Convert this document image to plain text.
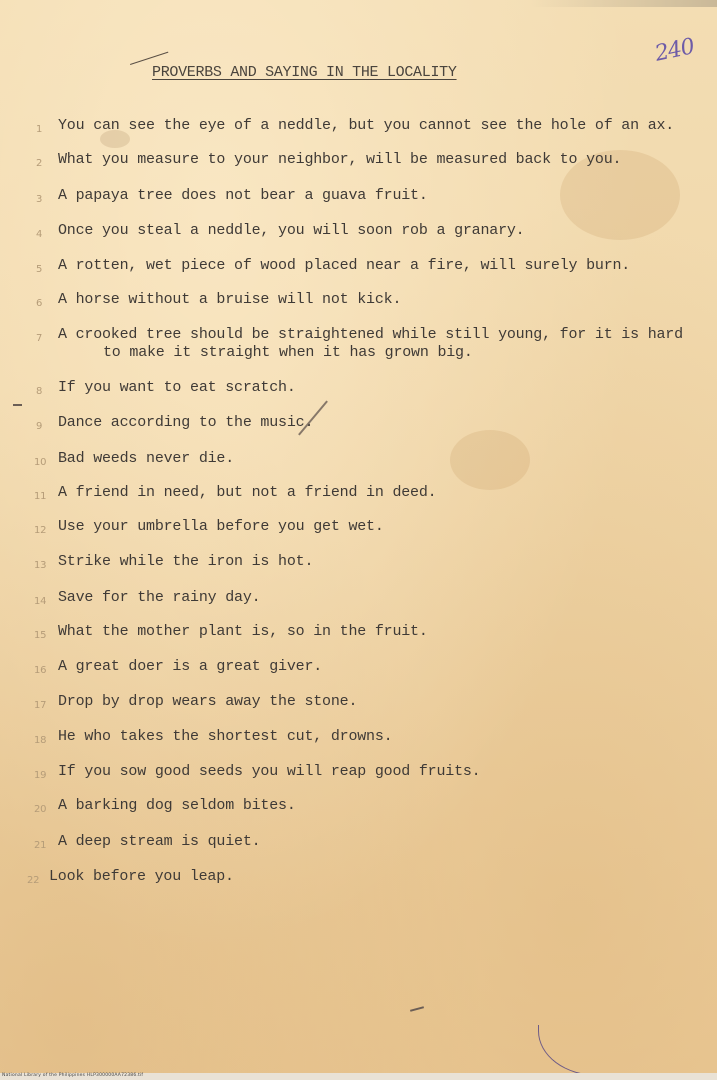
240
PROVERBS AND SAYING IN THE LOCALITY
1 You can see the eye of a neddle, but you cannot see the hole of an ax.
2 What you measure to your neighbor, will be measured back to you.
3 A papaya tree does not bear a guava fruit.
4 Once you steal a neddle, you will soon rob a granary.
5 A rotten, wet piece of wood placed near a fire, will surely burn.
6 A horse without a bruise will not kick.
7 A crooked tree should be straightened while still young, for it is hard
to make it straight when it has grown big.
8 If you want to eat scratch.
9 Dance according to the music.
10 Bad weeds never die.
11 A friend in need, but not a friend in deed.
12 Use your umbrella before you get wet.
13 Strike while the iron is hot.
14 Save for the rainy day.
15 What the mother plant is, so in the fruit.
16 A great doer is a great giver.
17 Drop by drop wears away the stone.
18 He who takes the shortest cut, drowns.
19 If you sow good seeds you will reap good fruits.
20 A barking dog seldom bites.
21 A deep stream is quiet.
22 Look before you leap.
National Library of the Philippines HLP300000AA72386.tif
